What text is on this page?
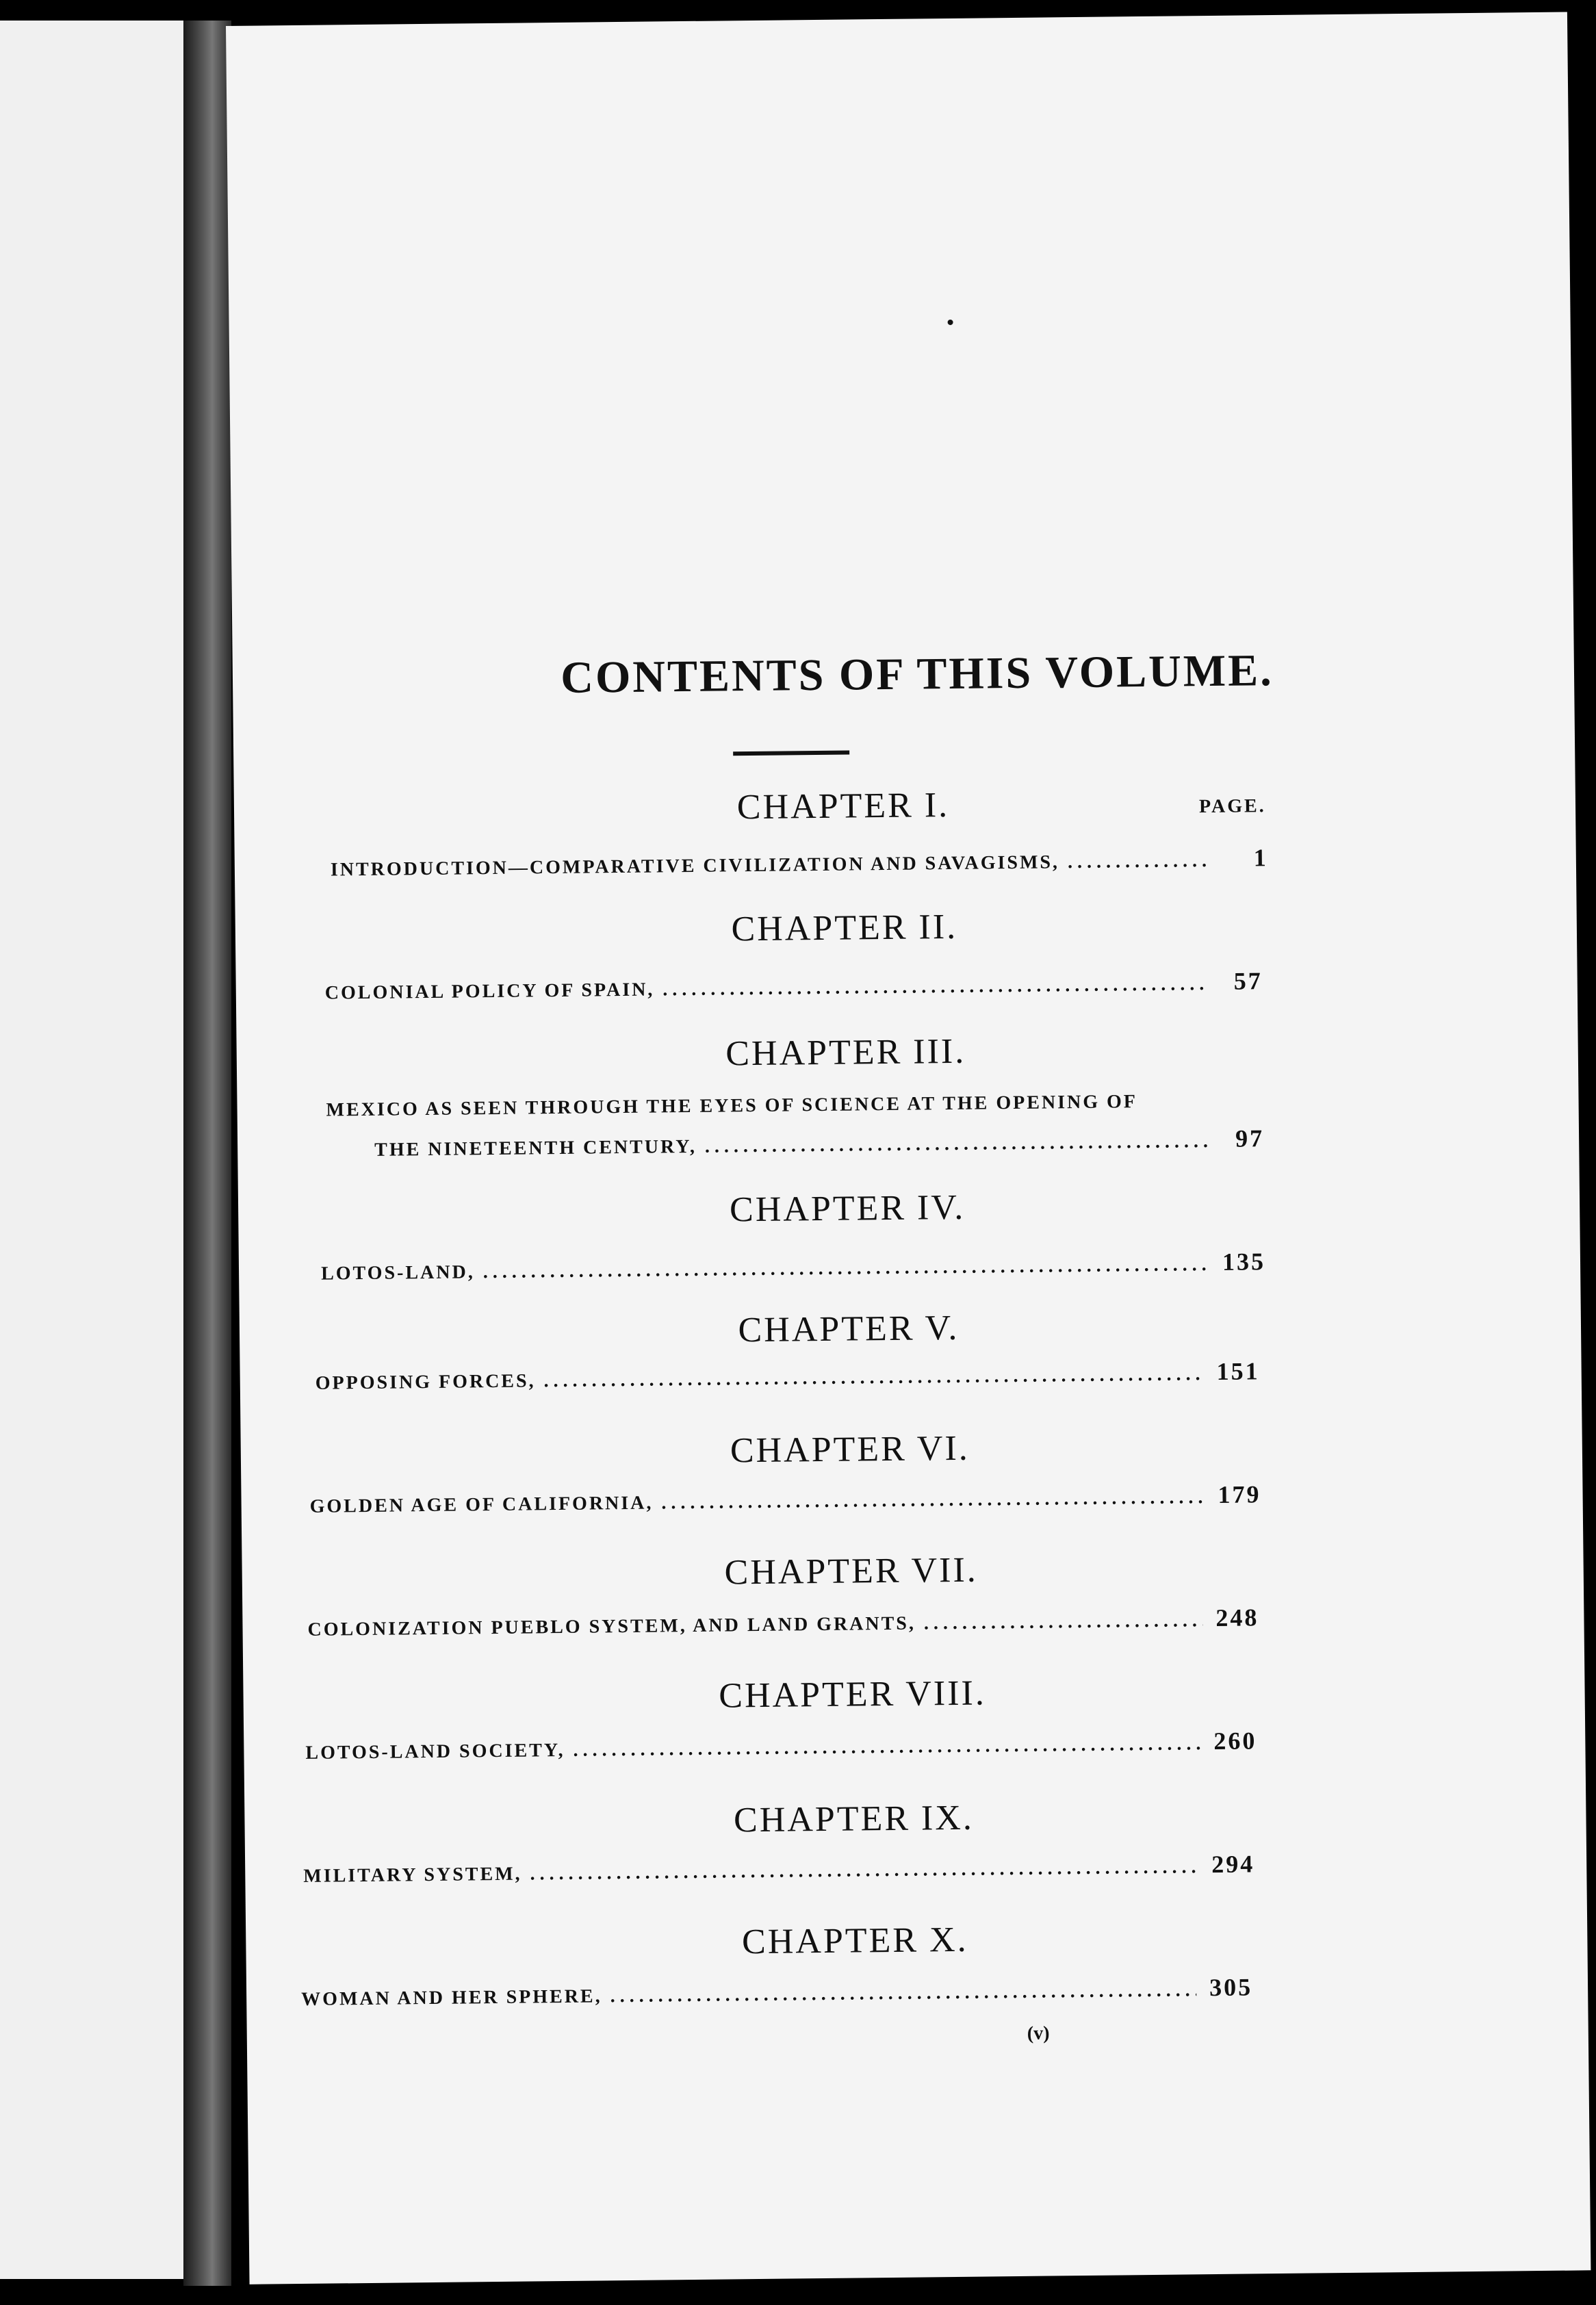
CONTENTS OF THIS VOLUME.
PAGE.
CHAPTER I.
INTRODUCTION—COMPARATIVE CIVILIZATION AND SAVAGISMS, . . .	1
CHAPTER II.
COLONIAL POLICY OF SPAIN, . . .	57
CHAPTER III.
MEXICO AS SEEN THROUGH THE EYES OF SCIENCE AT THE OPENING OF
THE NINETEENTH CENTURY, . . .	97
CHAPTER IV.
LOTOS-LAND, . . .	135
CHAPTER V.
OPPOSING FORCES, . . .	151
CHAPTER VI.
GOLDEN AGE OF CALIFORNIA, . . .	179
CHAPTER VII.
COLONIZATION PUEBLO SYSTEM, AND LAND GRANTS, . . .	248
CHAPTER VIII.
LOTOS-LAND SOCIETY, . . .	260
CHAPTER IX.
MILITARY SYSTEM, . . .	294
CHAPTER X.
WOMAN AND HER SPHERE, . . .	305
(v)
